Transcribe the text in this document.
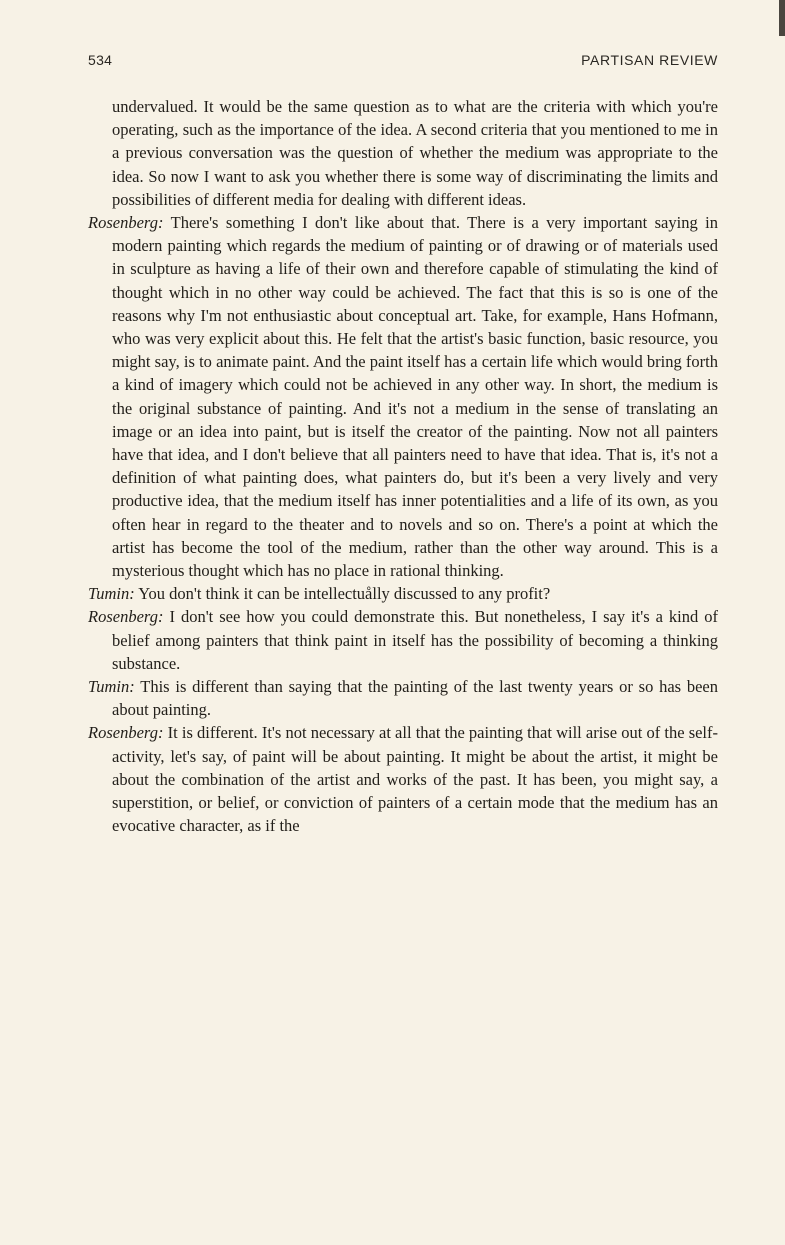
534	PARTISAN REVIEW

undervalued. It would be the same question as to what are the criteria with which you're operating, such as the importance of the idea. A second criteria that you mentioned to me in a previous conversation was the question of whether the medium was appropriate to the idea. So now I want to ask you whether there is some way of discriminating the limits and possibilities of different media for dealing with different ideas.

Rosenberg: There's something I don't like about that. There is a very important saying in modern painting which regards the medium of painting or of drawing or of materials used in sculpture as having a life of their own and therefore capable of stimulating the kind of thought which in no other way could be achieved. The fact that this is so is one of the reasons why I'm not enthusiastic about conceptual art. Take, for example, Hans Hofmann, who was very explicit about this. He felt that the artist's basic function, basic resource, you might say, is to animate paint. And the paint itself has a certain life which would bring forth a kind of imagery which could not be achieved in any other way. In short, the medium is the original substance of painting. And it's not a medium in the sense of translating an image or an idea into paint, but is itself the creator of the painting. Now not all painters have that idea, and I don't believe that all painters need to have that idea. That is, it's not a definition of what painting does, what painters do, but it's been a very lively and very productive idea, that the medium itself has inner potentialities and a life of its own, as you often hear in regard to the theater and to novels and so on. There's a point at which the artist has become the tool of the medium, rather than the other way around. This is a mysterious thought which has no place in rational thinking.

Tumin: You don't think it can be intellectuålly discussed to any profit?

Rosenberg: I don't see how you could demonstrate this. But nonetheless, I say it's a kind of belief among painters that think paint in itself has the possibility of becoming a thinking substance.

Tumin: This is different than saying that the painting of the last twenty years or so has been about painting.

Rosenberg: It is different. It's not necessary at all that the painting that will arise out of the self-activity, let's say, of paint will be about painting. It might be about the artist, it might be about the combination of the artist and works of the past. It has been, you might say, a superstition, or belief, or conviction of painters of a certain mode that the medium has an evocative character, as if the
